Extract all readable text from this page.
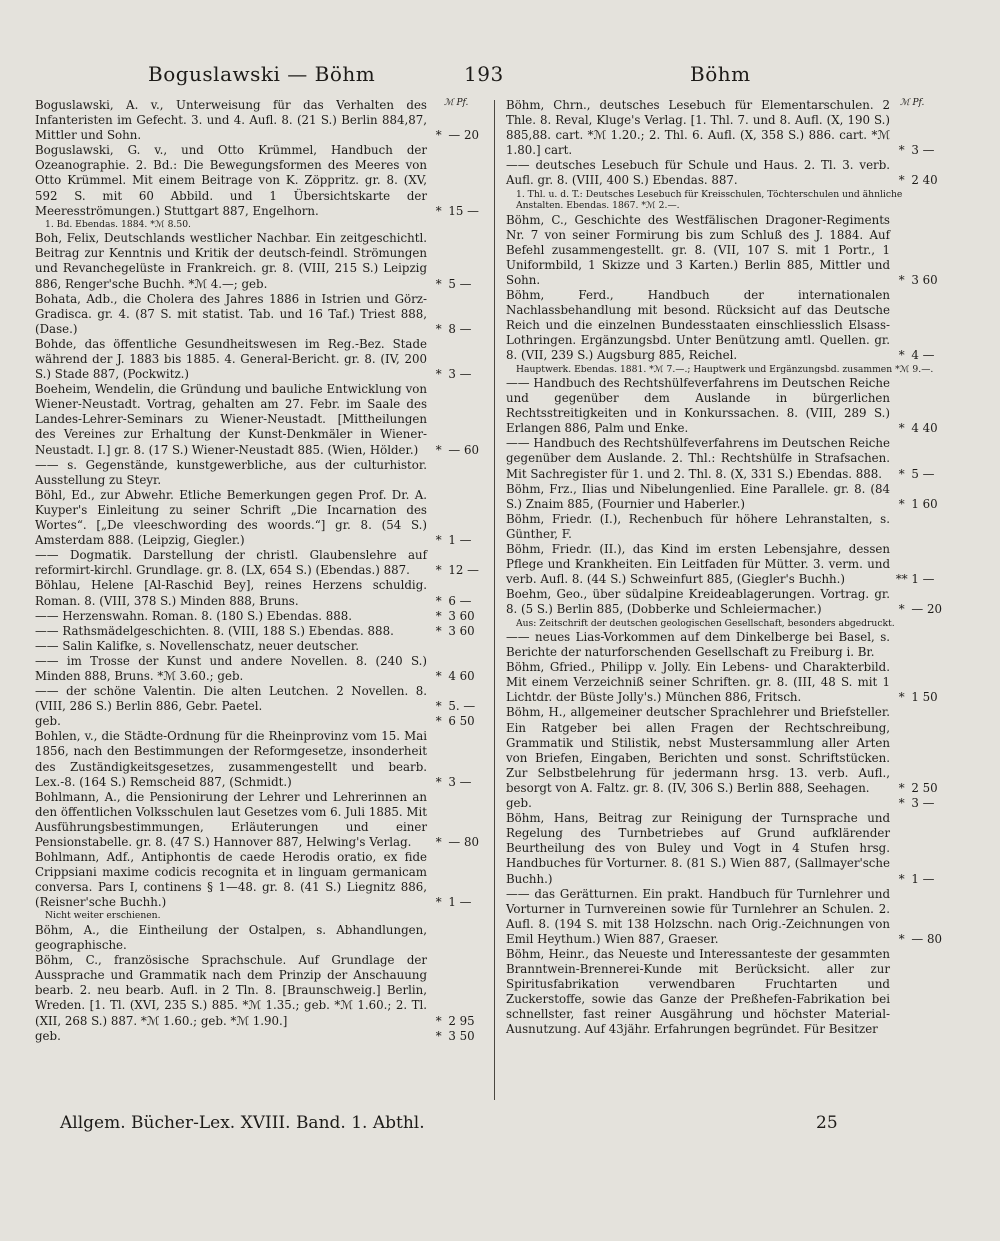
Boguslawski — Böhm	193	Böhm
ℳ Pf.	ℳ Pf.
Boguslawski, A. v., Unterweisung für das Verhalten des Infanteristen im Gefecht. 3. und 4. Aufl. 8. (21 S.) Berlin 884,87, Mittler und Sohn.	* — 20
Boguslawski, G. v., und Otto Krümmel, Handbuch der Ozeanographie. 2. Bd.: Die Bewegungsformen des Meeres von Otto Krümmel. Mit einem Beitrage von K. Zöppritz. gr. 8. (XV, 592 S. mit 60 Abbild. und 1 Übersichtskarte der Meeresströmungen.) Stuttgart 887, Engelhorn.	* 15 —
1. Bd. Ebendas. 1884. *ℳ 8.50.
Boh, Felix, Deutschlands westlicher Nachbar. Ein zeitgeschichtl. Beitrag zur Kenntnis und Kritik der deutsch-feindl. Strömungen und Revanchegelüste in Frankreich. gr. 8. (VIII, 215 S.) Leipzig 886, Renger'sche Buchh. *ℳ 4.—; geb.	* 5 —
Bohata, Adb., die Cholera des Jahres 1886 in Istrien und Görz-Gradisca. gr. 4. (87 S. mit statist. Tab. und 16 Taf.) Triest 888, (Dase.)	* 8 —
Bohde, das öffentliche Gesundheitswesen im Reg.-Bez. Stade während der J. 1883 bis 1885. 4. General-Bericht. gr. 8. (IV, 200 S.) Stade 887, (Pockwitz.)	* 3 —
Boeheim, Wendelin, die Gründung und bauliche Entwicklung von Wiener-Neustadt. Vortrag, gehalten am 27. Febr. im Saale des Landes-Lehrer-Seminars zu Wiener-Neustadt. [Mittheilungen des Vereines zur Erhaltung der Kunst-Denkmäler in Wiener-Neustadt. I.] gr. 8. (17 S.) Wiener-Neustadt 885. (Wien, Hölder.)	* — 60
—— s. Gegenstände, kunstgewerbliche, aus der culturhistor. Ausstellung zu Steyr.
Böhl, Ed., zur Abwehr. Etliche Bemerkungen gegen Prof. Dr. A. Kuyper's Einleitung zu seiner Schrift „Die Incarnation des Wortes“. [„De vleeschwording des woords.“] gr. 8. (54 S.) Amsterdam 888. (Leipzig, Giegler.)	* 1 —
—— Dogmatik. Darstellung der christl. Glaubenslehre auf reformirt-kirchl. Grundlage. gr. 8. (LX, 654 S.) (Ebendas.) 887.	* 12 —
Böhlau, Helene [Al-Raschid Bey], reines Herzens schuldig. Roman. 8. (VIII, 378 S.) Minden 888, Bruns.	* 6 —
—— Herzenswahn. Roman. 8. (180 S.) Ebendas. 888.	* 3 60
—— Rathsmädelgeschichten. 8. (VIII, 188 S.) Ebendas. 888.	* 3 60
—— Salin Kalifke, s. Novellenschatz, neuer deutscher.
—— im Trosse der Kunst und andere Novellen. 8. (240 S.) Minden 888, Bruns. *ℳ 3.60.; geb.	* 4 60
—— der schöne Valentin. Die alten Leutchen. 2 Novellen. 8. (VIII, 286 S.) Berlin 886, Gebr. Paetel.	* 5. —
geb.	* 6 50
Bohlen, v., die Städte-Ordnung für die Rheinprovinz vom 15. Mai 1856, nach den Bestimmungen der Reformgesetze, insonderheit des Zuständigkeitsgesetzes, zusammengestellt und bearb. Lex.-8. (164 S.) Remscheid 887, (Schmidt.)	* 3 —
Bohlmann, A., die Pensionirung der Lehrer und Lehrerinnen an den öffentlichen Volksschulen laut Gesetzes vom 6. Juli 1885. Mit Ausführungsbestimmungen, Erläuterungen und einer Pensionstabelle. gr. 8. (47 S.) Hannover 887, Helwing's Verlag.	* — 80
Bohlmann, Adf., Antiphontis de caede Herodis oratio, ex fide Crippsiani maxime codicis recognita et in linguam germanicam conversa. Pars I, continens § 1—48. gr. 8. (41 S.) Liegnitz 886, (Reisner'sche Buchh.)	* 1 —
Nicht weiter erschienen.
Böhm, A., die Eintheilung der Ostalpen, s. Abhandlungen, geographische.
Böhm, C., französische Sprachschule. Auf Grundlage der Aussprache und Grammatik nach dem Prinzip der Anschauung bearb. 2. neu bearb. Aufl. in 2 Tln. 8. [Braunschweig.] Berlin, Wreden. [1. Tl. (XVI, 235 S.) 885. *ℳ 1.35.; geb. *ℳ 1.60.; 2. Tl. (XII, 268 S.) 887. *ℳ 1.60.; geb. *ℳ 1.90.]	* 2 95
geb.	* 3 50
Böhm, Chrn., deutsches Lesebuch für Elementarschulen. 2 Thle. 8. Reval, Kluge's Verlag. [1. Thl. 7. und 8. Aufl. (X, 190 S.) 885,88. cart. *ℳ 1.20.; 2. Thl. 6. Aufl. (X, 358 S.) 886. cart. *ℳ 1.80.] cart.	* 3 —
—— deutsches Lesebuch für Schule und Haus. 2. Tl. 3. verb. Aufl. gr. 8. (VIII, 400 S.) Ebendas. 887.	* 2 40
1. Thl. u. d. T.: Deutsches Lesebuch für Kreisschulen, Töchterschulen und ähnliche Anstalten. Ebendas. 1867. *ℳ 2.—.
Böhm, C., Geschichte des Westfälischen Dragoner-Regiments Nr. 7 von seiner Formirung bis zum Schluß des J. 1884. Auf Befehl zusammengestellt. gr. 8. (VII, 107 S. mit 1 Portr., 1 Uniformbild, 1 Skizze und 3 Karten.) Berlin 885, Mittler und Sohn.	* 3 60
Böhm, Ferd., Handbuch der internationalen Nachlassbehandlung mit besond. Rücksicht auf das Deutsche Reich und die einzelnen Bundesstaaten einschliesslich Elsass-Lothringen. Ergänzungsbd. Unter Benützung amtl. Quellen. gr. 8. (VII, 239 S.) Augsburg 885, Reichel.	* 4 —
Hauptwerk. Ebendas. 1881. *ℳ 7.—.; Hauptwerk und Ergänzungsbd. zusammen *ℳ 9.—.
—— Handbuch des Rechtshülfeverfahrens im Deutschen Reiche und gegenüber dem Auslande in bürgerlichen Rechtsstreitigkeiten und in Konkurssachen. 8. (VIII, 289 S.) Erlangen 886, Palm und Enke.	* 4 40
—— Handbuch des Rechtshülfeverfahrens im Deutschen Reiche gegenüber dem Auslande. 2. Thl.: Rechtshülfe in Strafsachen. Mit Sachregister für 1. und 2. Thl. 8. (X, 331 S.) Ebendas. 888.	* 5 —
Böhm, Frz., Ilias und Nibelungenlied. Eine Parallele. gr. 8. (84 S.) Znaim 885, (Fournier und Haberler.)	* 1 60
Böhm, Friedr. (I.), Rechenbuch für höhere Lehranstalten, s. Günther, F.
Böhm, Friedr. (II.), das Kind im ersten Lebensjahre, dessen Pflege und Krankheiten. Ein Leitfaden für Mütter. 3. verm. und verb. Aufl. 8. (44 S.) Schweinfurt 885, (Giegler's Buchh.)	** 1 —
Boehm, Geo., über südalpine Kreideablagerungen. Vortrag. gr. 8. (5 S.) Berlin 885, (Dobberke und Schleiermacher.)	* — 20
Aus: Zeitschrift der deutschen geologischen Gesellschaft, besonders abgedruckt.
—— neues Lias-Vorkommen auf dem Dinkelberge bei Basel, s. Berichte der naturforschenden Gesellschaft zu Freiburg i. Br.
Böhm, Gfried., Philipp v. Jolly. Ein Lebens- und Charakterbild. Mit einem Verzeichniß seiner Schriften. gr. 8. (III, 48 S. mit 1 Lichtdr. der Büste Jolly's.) München 886, Fritsch.	* 1 50
Böhm, H., allgemeiner deutscher Sprachlehrer und Briefsteller. Ein Ratgeber bei allen Fragen der Rechtschreibung, Grammatik und Stilistik, nebst Mustersammlung aller Arten von Briefen, Eingaben, Berichten und sonst. Schriftstücken. Zur Selbstbelehrung für jedermann hrsg. 13. verb. Aufl., besorgt von A. Faltz. gr. 8. (IV, 306 S.) Berlin 888, Seehagen.	* 2 50
geb.	* 3 —
Böhm, Hans, Beitrag zur Reinigung der Turnsprache und Regelung des Turnbetriebes auf Grund aufklärender Beurtheilung des von Buley und Vogt in 4 Stufen hrsg. Handbuches für Vorturner. 8. (81 S.) Wien 887, (Sallmayer'sche Buchh.)	* 1 —
—— das Gerätturnen. Ein prakt. Handbuch für Turnlehrer und Vorturner in Turnvereinen sowie für Turnlehrer an Schulen. 2. Aufl. 8. (194 S. mit 138 Holzschn. nach Orig.-Zeichnungen von Emil Heythum.) Wien 887, Graeser.	* — 80
Böhm, Heinr., das Neueste und Interessanteste der gesammten Branntwein-Brennerei-Kunde mit Berücksicht. aller zur Spiritusfabrikation verwendbaren Fruchtarten und Zuckerstoffe, sowie das Ganze der Preßhefen-Fabrikation bei schnellster, fast reiner Ausgährung und höchster Material-Ausnutzung. Auf 43jähr. Erfahrungen begründet. Für Besitzer
Allgem. Bücher-Lex. XVIII. Band. 1. Abthl.	25
